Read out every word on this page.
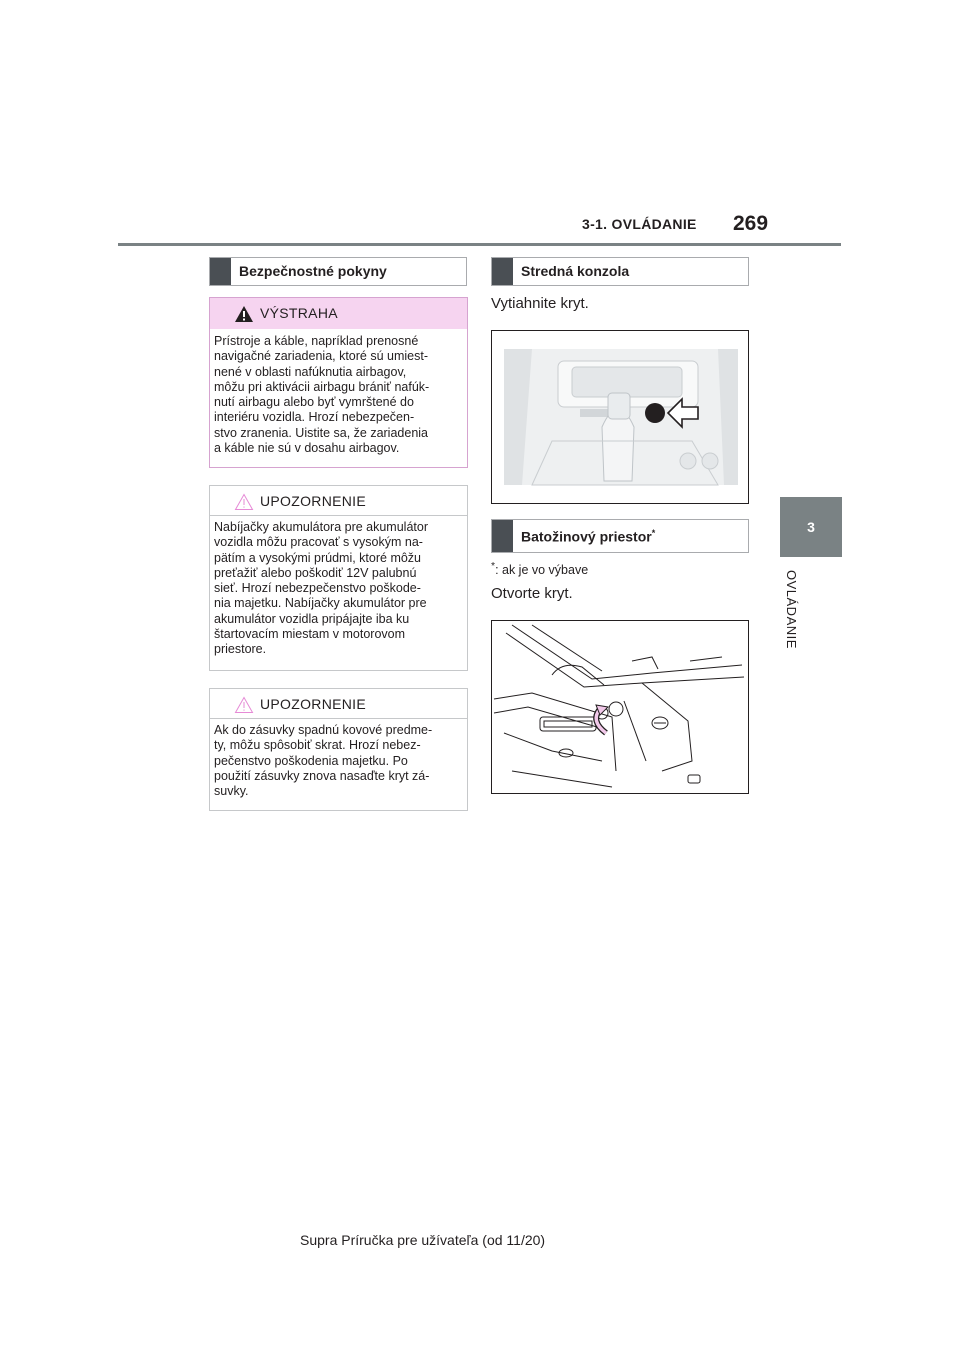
3-1. OVLÁDANIE 269
3
OVLÁDANIE
Bezpečnostné pokyny
VÝSTRAHA
Prístroje a káble, napríklad prenosné
navigačné zariadenia, ktoré sú umiest-
nené v oblasti nafúknutia airbagov,
môžu pri aktivácii airbagu brániť nafúk-
nutí airbagu alebo byť vymrštené do
interiéru vozidla. Hrozí nebezpečen-
stvo zranenia. Uistite sa, že zariadenia
a káble nie sú v dosahu airbagov.
UPOZORNENIE
Nabíjačky akumulátora pre akumulátor
vozidla môžu pracovať s vysokým na-
pätím a vysokými prúdmi, ktoré môžu
preťažiť alebo poškodiť 12V palubnú
sieť. Hrozí nebezpečenstvo poškode-
nia majetku. Nabíjačky akumulátor pre
akumulátor vozidla pripájajte iba ku
štartovacím miestam v motorovom
priestore.
UPOZORNENIE
Ak do zásuvky spadnú kovové predme-
ty, môžu spôsobiť skrat. Hrozí nebez-
pečenstvo poškodenia majetku. Po
použití zásuvky znova nasaďte kryt zá-
suvky.
Stredná konzola
Vytiahnite kryt.
Batožinový priestor*
*: ak je vo výbave
Otvorte kryt.
Supra Príručka pre užívateľa (od 11/20)
